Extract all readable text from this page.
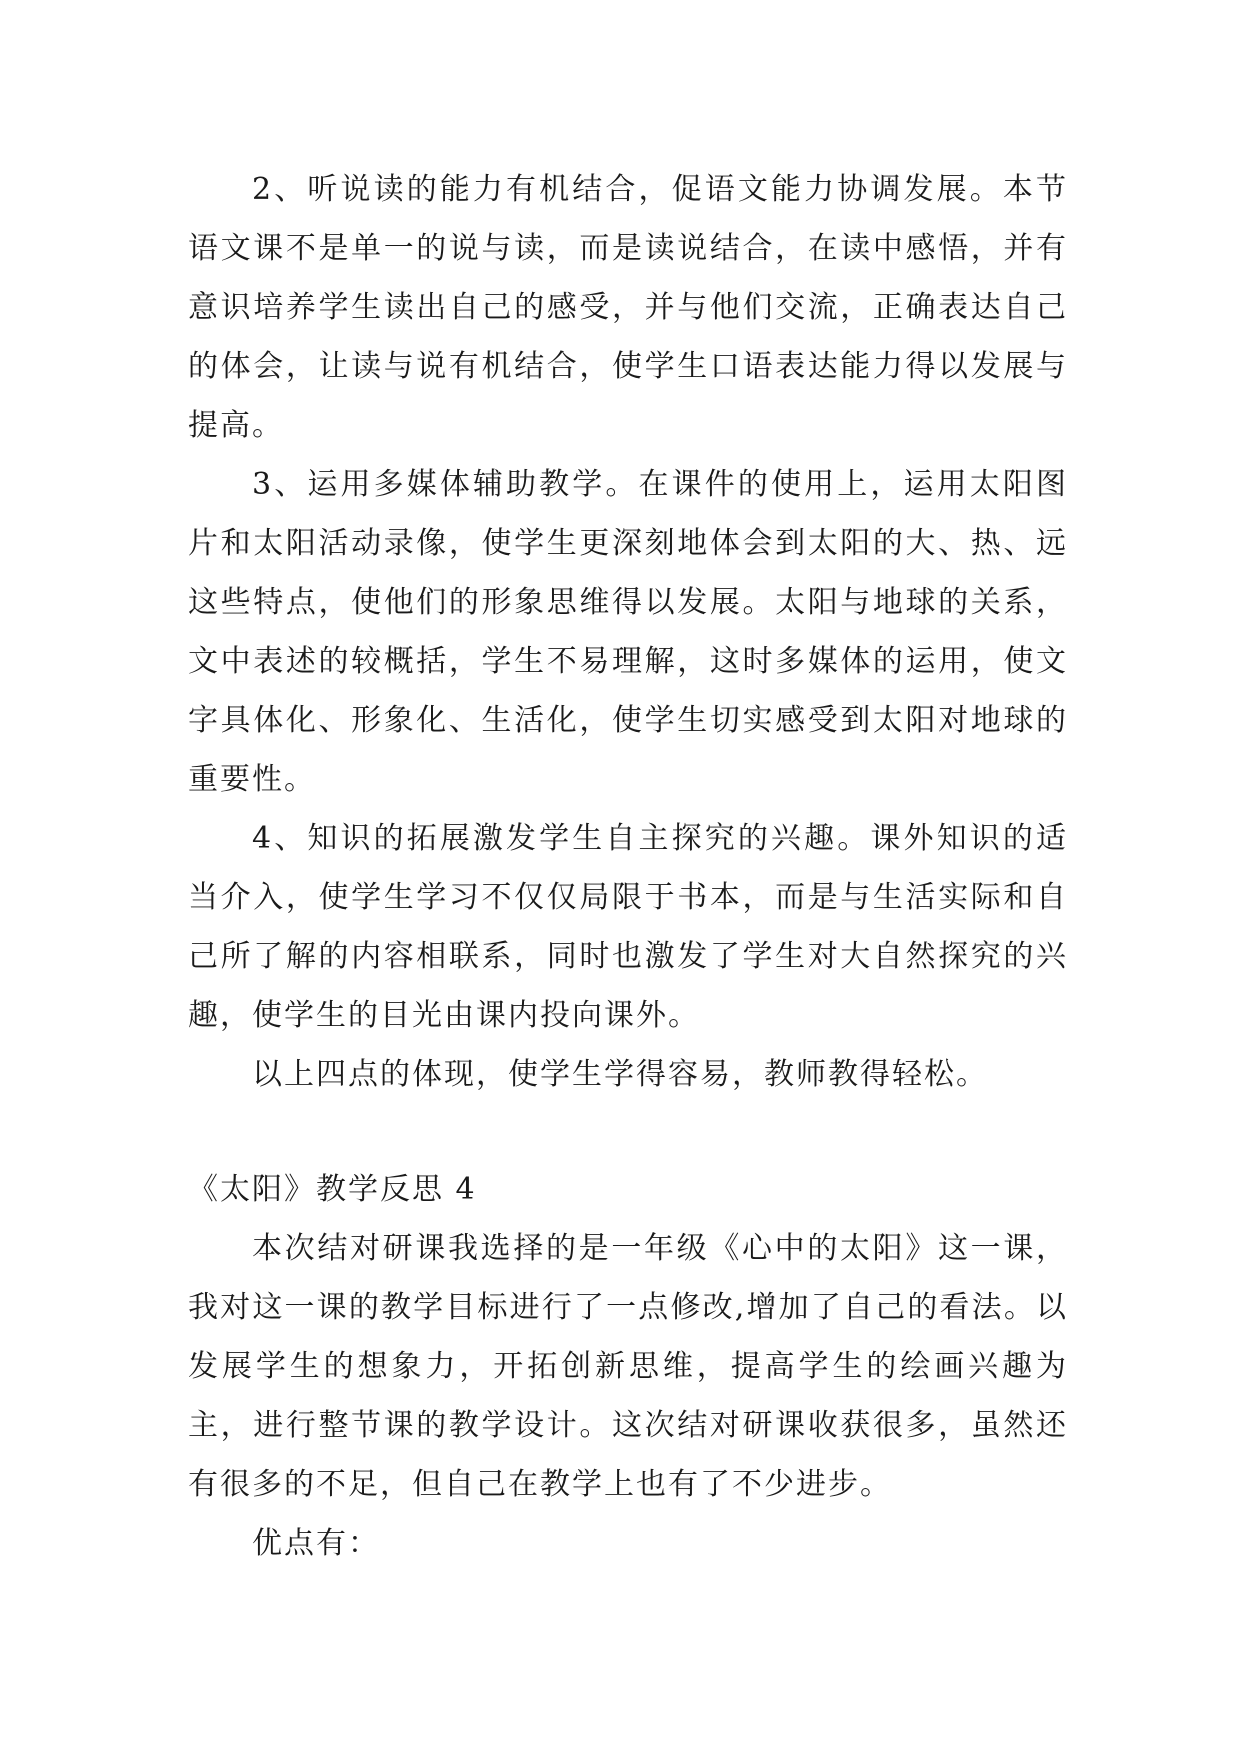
2、听说读的能力有机结合，促语文能力协调发展。本节语文课不是单一的说与读，而是读说结合，在读中感悟，并有意识培养学生读出自己的感受，并与他们交流，正确表达自己的体会，让读与说有机结合，使学生口语表达能力得以发展与提高。

3、运用多媒体辅助教学。在课件的使用上，运用太阳图片和太阳活动录像，使学生更深刻地体会到太阳的大、热、远这些特点，使他们的形象思维得以发展。太阳与地球的关系，文中表述的较概括，学生不易理解，这时多媒体的运用，使文字具体化、形象化、生活化，使学生切实感受到太阳对地球的重要性。

4、知识的拓展激发学生自主探究的兴趣。课外知识的适当介入，使学生学习不仅仅局限于书本，而是与生活实际和自己所了解的内容相联系，同时也激发了学生对大自然探究的兴趣，使学生的目光由课内投向课外。

以上四点的体现，使学生学得容易，教师教得轻松。

《太阳》教学反思 4

本次结对研课我选择的是一年级《心中的太阳》这一课，我对这一课的教学目标进行了一点修改,增加了自己的看法。以发展学生的想象力，开拓创新思维，提高学生的绘画兴趣为主，进行整节课的教学设计。这次结对研课收获很多，虽然还有很多的不足，但自己在教学上也有了不少进步。

优点有：
